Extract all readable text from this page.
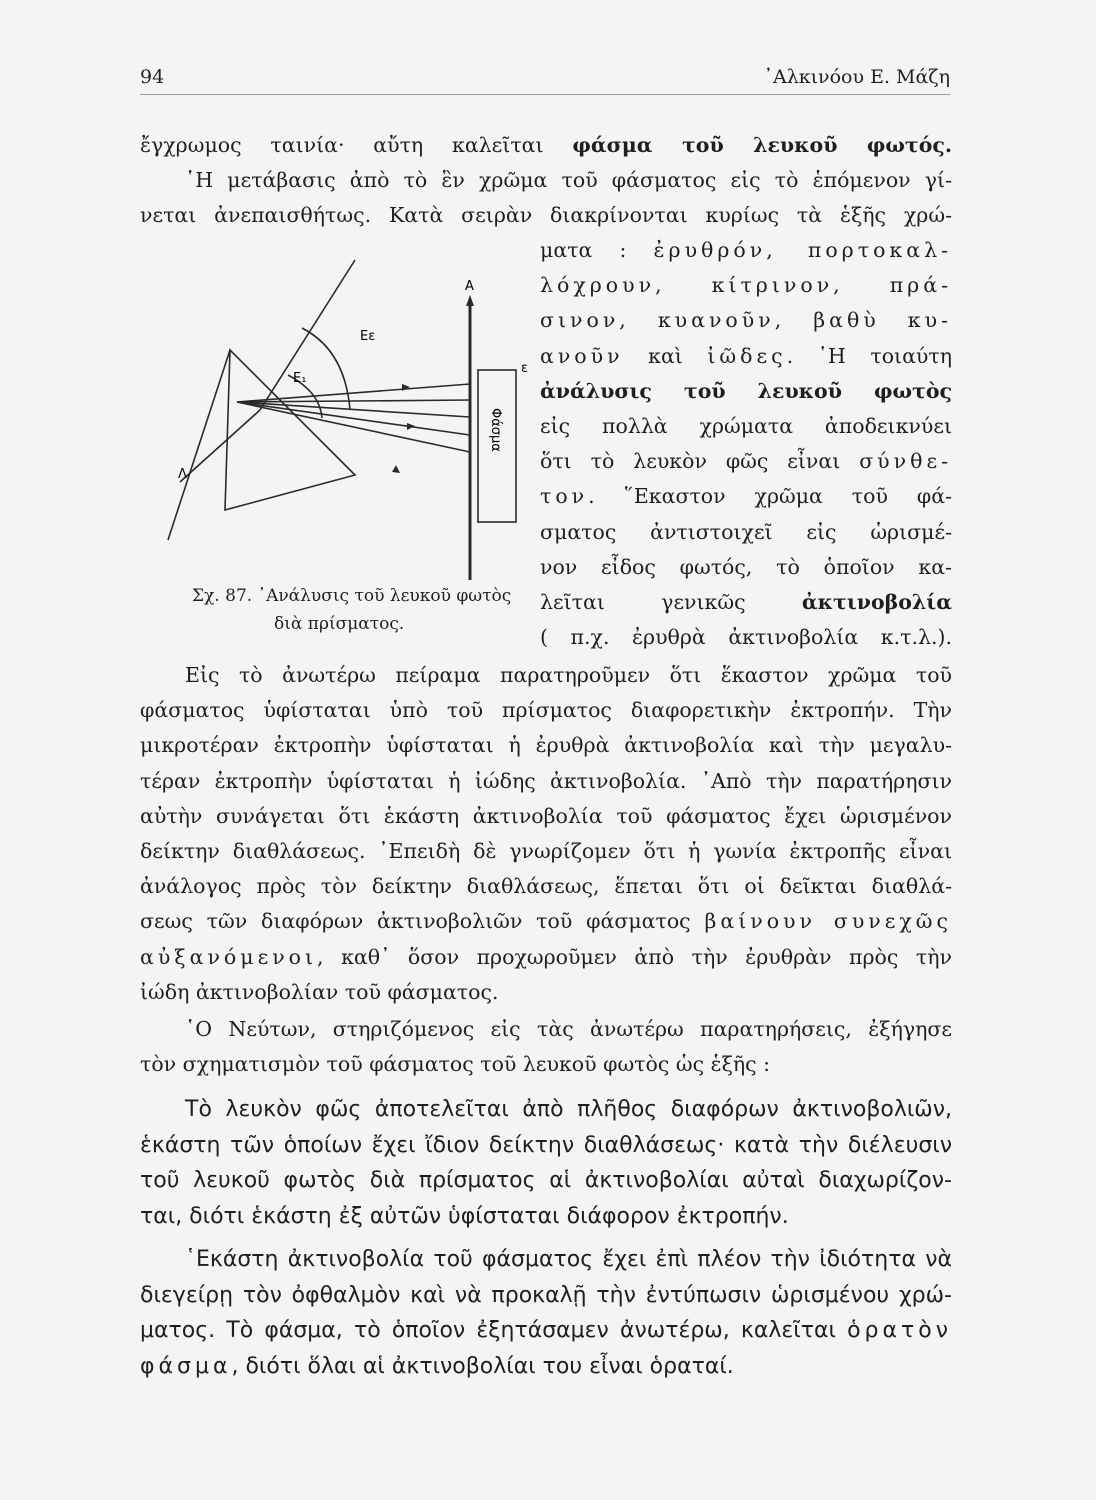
94	᾿Αλκινόου Ε. Μάζη
ἔγχρωμος ταινία· αὔτη καλεῖται φάσμα τοῦ λευκοῦ φωτός.
῾Η μετάβασις ἀπὸ τὸ ἓν χρῶμα τοῦ φάσματος εἰς τὸ ἑπόμενον γί-
νεται ἀνεπαισθήτως. Κατὰ σειρὰν διακρίνονται κυρίως τὰ ἑξῆς χρώ-
ματα : ἐρυθρόν, πορτοκαλ-
λόχρουν, κίτρινον, πρά-
σινον, κυανοῦν, βαθὺ κυ-
ανοῦν καὶ ἰῶδες. ῾Η τοιαύτη
ἀνάλυσις τοῦ λευκοῦ φωτὸς
εἰς πολλὰ χρώματα ἀποδεικνύει
ὅτι τὸ λευκὸν φῶς εἶναι σύνθε-
τον. ῞Εκαστον χρῶμα τοῦ φά-
σματος ἀντιστοιχεῖ εἰς ὡρισμέ-
νον εἶδος φωτός, τὸ ὁποῖον κα-
λεῖται γενικῶς ἀκτινοβολία
( π.χ. ἐρυθρὰ ἀκτινοβολία κ.τ.λ.).
Λ
Ε₁
Εε
Α
ε
Φάσμα
Σχ. 87. ᾿Ανάλυσις τοῦ λευκοῦ φωτὸς
διὰ πρίσματος.
Εἰς τὸ ἀνωτέρω πείραμα παρατηροῦμεν ὅτι ἕκαστον χρῶμα τοῦ
φάσματος ὑφίσταται ὑπὸ τοῦ πρίσματος διαφορετικὴν ἐκτροπήν. Τὴν
μικροτέραν ἐκτροπὴν ὑφίσταται ἡ ἐρυθρὰ ἀκτινοβολία καὶ τὴν μεγαλυ-
τέραν ἐκτροπὴν ὑφίσταται ἡ ἰώδης ἀκτινοβολία. ᾿Απὸ τὴν παρατήρησιν
αὐτὴν συνάγεται ὅτι ἑκάστη ἀκτινοβολία τοῦ φάσματος ἔχει ὡρισμένον
δείκτην διαθλάσεως. ᾿Επειδὴ δὲ γνωρίζομεν ὅτι ἡ γωνία ἐκτροπῆς εἶναι
ἀνάλογος πρὸς τὸν δείκτην διαθλάσεως, ἕπεται ὅτι οἱ δεῖκται διαθλά-
σεως τῶν διαφόρων ἀκτινοβολιῶν τοῦ φάσματος βαίνουν συνεχῶς
αὐξανόμενοι, καθ᾿ ὅσον προχωροῦμεν ἀπὸ τὴν ἐρυθρὰν πρὸς τὴν
ἰώδη ἀκτινοβολίαν τοῦ φάσματος.
῾Ο Νεύτων, στηριζόμενος εἰς τὰς ἀνωτέρω παρατηρήσεις, ἐξήγησε
τὸν σχηματισμὸν τοῦ φάσματος τοῦ λευκοῦ φωτὸς ὡς ἑξῆς :
Τὸ λευκὸν φῶς ἀποτελεῖται ἀπὸ πλῆθος διαφόρων ἀκτινοβολιῶν,
ἑκάστη τῶν ὁποίων ἔχει ἴδιον δείκτην διαθλάσεως· κατὰ τὴν διέλευσιν
τοῦ λευκοῦ φωτὸς διὰ πρίσματος αἱ ἀκτινοβολίαι αὐταὶ διαχωρίζον-
ται, διότι ἑκάστη ἐξ αὐτῶν ὑφίσταται διάφορον ἐκτροπήν.
῾Εκάστη ἀκτινοβολία τοῦ φάσματος ἔχει ἐπὶ πλέον τὴν ἰδιότητα νὰ
διεγείρῃ τὸν ὀφθαλμὸν καὶ νὰ προκαλῇ τὴν ἐντύπωσιν ὡρισμένου χρώ-
ματος. Τὸ φάσμα, τὸ ὁποῖον ἐξητάσαμεν ἀνωτέρω, καλεῖται ὁρατὸν
φάσμα, διότι ὅλαι αἱ ἀκτινοβολίαι του εἶναι ὁραταί.
